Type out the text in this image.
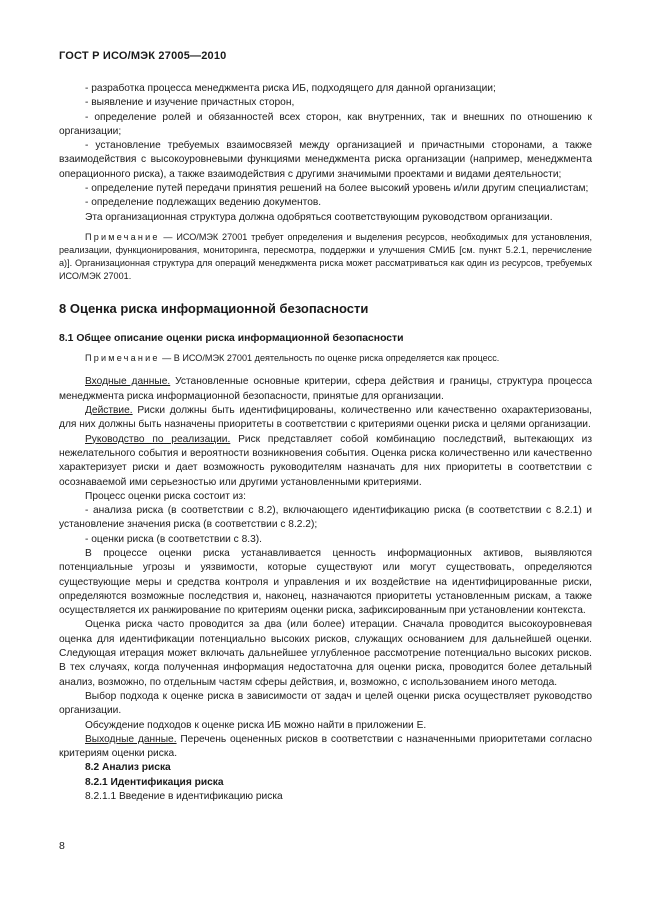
ГОСТ Р ИСО/МЭК 27005—2010

- разработка процесса менеджмента риска ИБ, подходящего для данной организации;

- выявление и изучение причастных сторон,

- определение ролей и обязанностей всех сторон, как внутренних, так и внешних по отношению к организации;

- установление требуемых взаимосвязей между организацией и причастными сторонами, а также взаимодействия с высокоуровневыми функциями менеджмента риска организации (например, менеджмента операционного риска), а также взаимодействия с другими значимыми проектами и видами деятельности;

- определение путей передачи принятия решений на более высокий уровень и/или другим специалистам;

- определение подлежащих ведению документов.

Эта организационная структура должна одобряться соответствующим руководством организации.

Примечание — ИСО/МЭК 27001 требует определения и выделения ресурсов, необходимых для установления, реализации, функционирования, мониторинга, пересмотра, поддержки и улучшения СМИБ [см. пункт 5.2.1, перечисление а)]. Организационная структура для операций менеджмента риска может рассматриваться как один из ресурсов, требуемых ИСО/МЭК 27001.

8 Оценка риска информационной безопасности
8.1 Общее описание оценки риска информационной безопасности

Примечание — В ИСО/МЭК 27001 деятельность по оценке риска определяется как процесс.

Входные данные. Установленные основные критерии, сфера действия и границы, структура процесса менеджмента риска информационной безопасности, принятые для организации.

Действие. Риски должны быть идентифицированы, количественно или качественно охарактеризованы, для них должны быть назначены приоритеты в соответствии с критериями оценки риска и целями организации.

Руководство по реализации. Риск представляет собой комбинацию последствий, вытекающих из нежелательного события и вероятности возникновения события. Оценка риска количественно или качественно характеризует риски и дает возможность руководителям назначать для них приоритеты в соответствии с осознаваемой ими серьезностью или другими установленными критериями.

Процесс оценки риска состоит из:

- анализа риска (в соответствии с 8.2), включающего идентификацию риска (в соответствии с 8.2.1) и установление значения риска (в соответствии с 8.2.2);

- оценки риска (в соответствии с 8.3).

В процессе оценки риска устанавливается ценность информационных активов, выявляются потенциальные угрозы и уязвимости, которые существуют или могут существовать, определяются существующие меры и средства контроля и управления и их воздействие на идентифицированные риски, определяются возможные последствия и, наконец, назначаются приоритеты установленным рискам, а также осуществляется их ранжирование по критериям оценки риска, зафиксированным при установлении контекста.

Оценка риска часто проводится за два (или более) итерации. Сначала проводится высокоуровневая оценка для идентификации потенциально высоких рисков, служащих основанием для дальнейшей оценки. Следующая итерация может включать дальнейшее углубленное рассмотрение потенциально высоких рисков. В тех случаях, когда полученная информация недостаточна для оценки риска, проводится более детальный анализ, возможно, по отдельным частям сферы действия, и, возможно, с использованием иного метода.

Выбор подхода к оценке риска в зависимости от задач и целей оценки риска осуществляет руководство организации.

Обсуждение подходов к оценке риска ИБ можно найти в приложении Е.

Выходные данные. Перечень оцененных рисков в соответствии с назначенными приоритетами согласно критериям оценки риска.

8.2 Анализ риска

8.2.1 Идентификация риска

8.2.1.1 Введение в идентификацию риска

8
